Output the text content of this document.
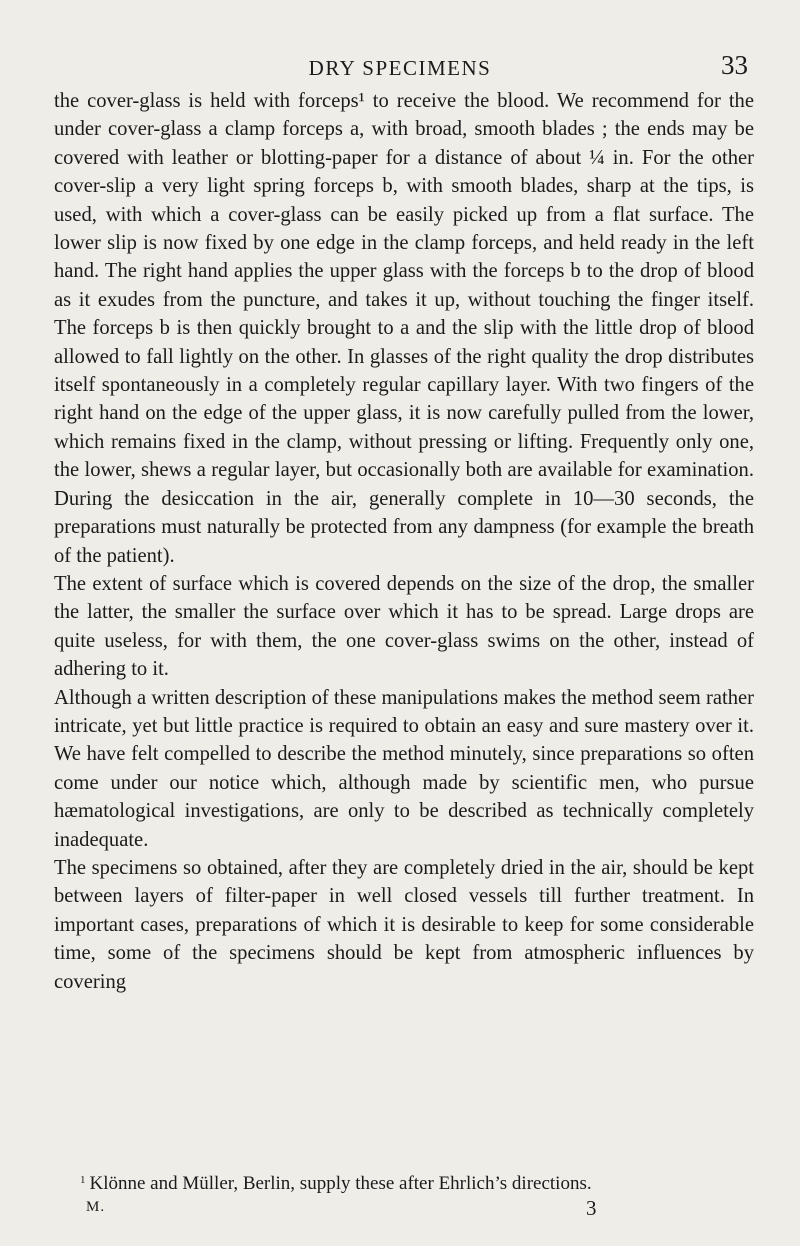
DRY SPECIMENS	33

the cover-glass is held with forceps¹ to receive the blood. We recommend for the under cover-glass a clamp forceps a, with broad, smooth blades ; the ends may be covered with leather or blotting-paper for a distance of about ¼ in. For the other cover-slip a very light spring forceps b, with smooth blades, sharp at the tips, is used, with which a cover-glass can be easily picked up from a flat surface. The lower slip is now fixed by one edge in the clamp forceps, and held ready in the left hand. The right hand applies the upper glass with the forceps b to the drop of blood as it exudes from the puncture, and takes it up, without touching the finger itself. The forceps b is then quickly brought to a and the slip with the little drop of blood allowed to fall lightly on the other. In glasses of the right quality the drop distributes itself spontaneously in a completely regular capillary layer. With two fingers of the right hand on the edge of the upper glass, it is now carefully pulled from the lower, which remains fixed in the clamp, without pressing or lifting. Frequently only one, the lower, shews a regular layer, but occasionally both are available for examination. During the desiccation in the air, generally complete in 10—30 seconds, the preparations must naturally be protected from any dampness (for example the breath of the patient).

The extent of surface which is covered depends on the size of the drop, the smaller the latter, the smaller the surface over which it has to be spread. Large drops are quite useless, for with them, the one cover-glass swims on the other, instead of adhering to it.

Although a written description of these manipulations makes the method seem rather intricate, yet but little practice is required to obtain an easy and sure mastery over it. We have felt compelled to describe the method minutely, since preparations so often come under our notice which, although made by scientific men, who pursue hæmatological investigations, are only to be described as technically completely inadequate.

The specimens so obtained, after they are completely dried in the air, should be kept between layers of filter-paper in well closed vessels till further treatment. In important cases, preparations of which it is desirable to keep for some considerable time, some of the specimens should be kept from atmospheric influences by covering

$^1$ Klönne and Müller, Berlin, supply these after Ehrlich’s directions.
M.	3
